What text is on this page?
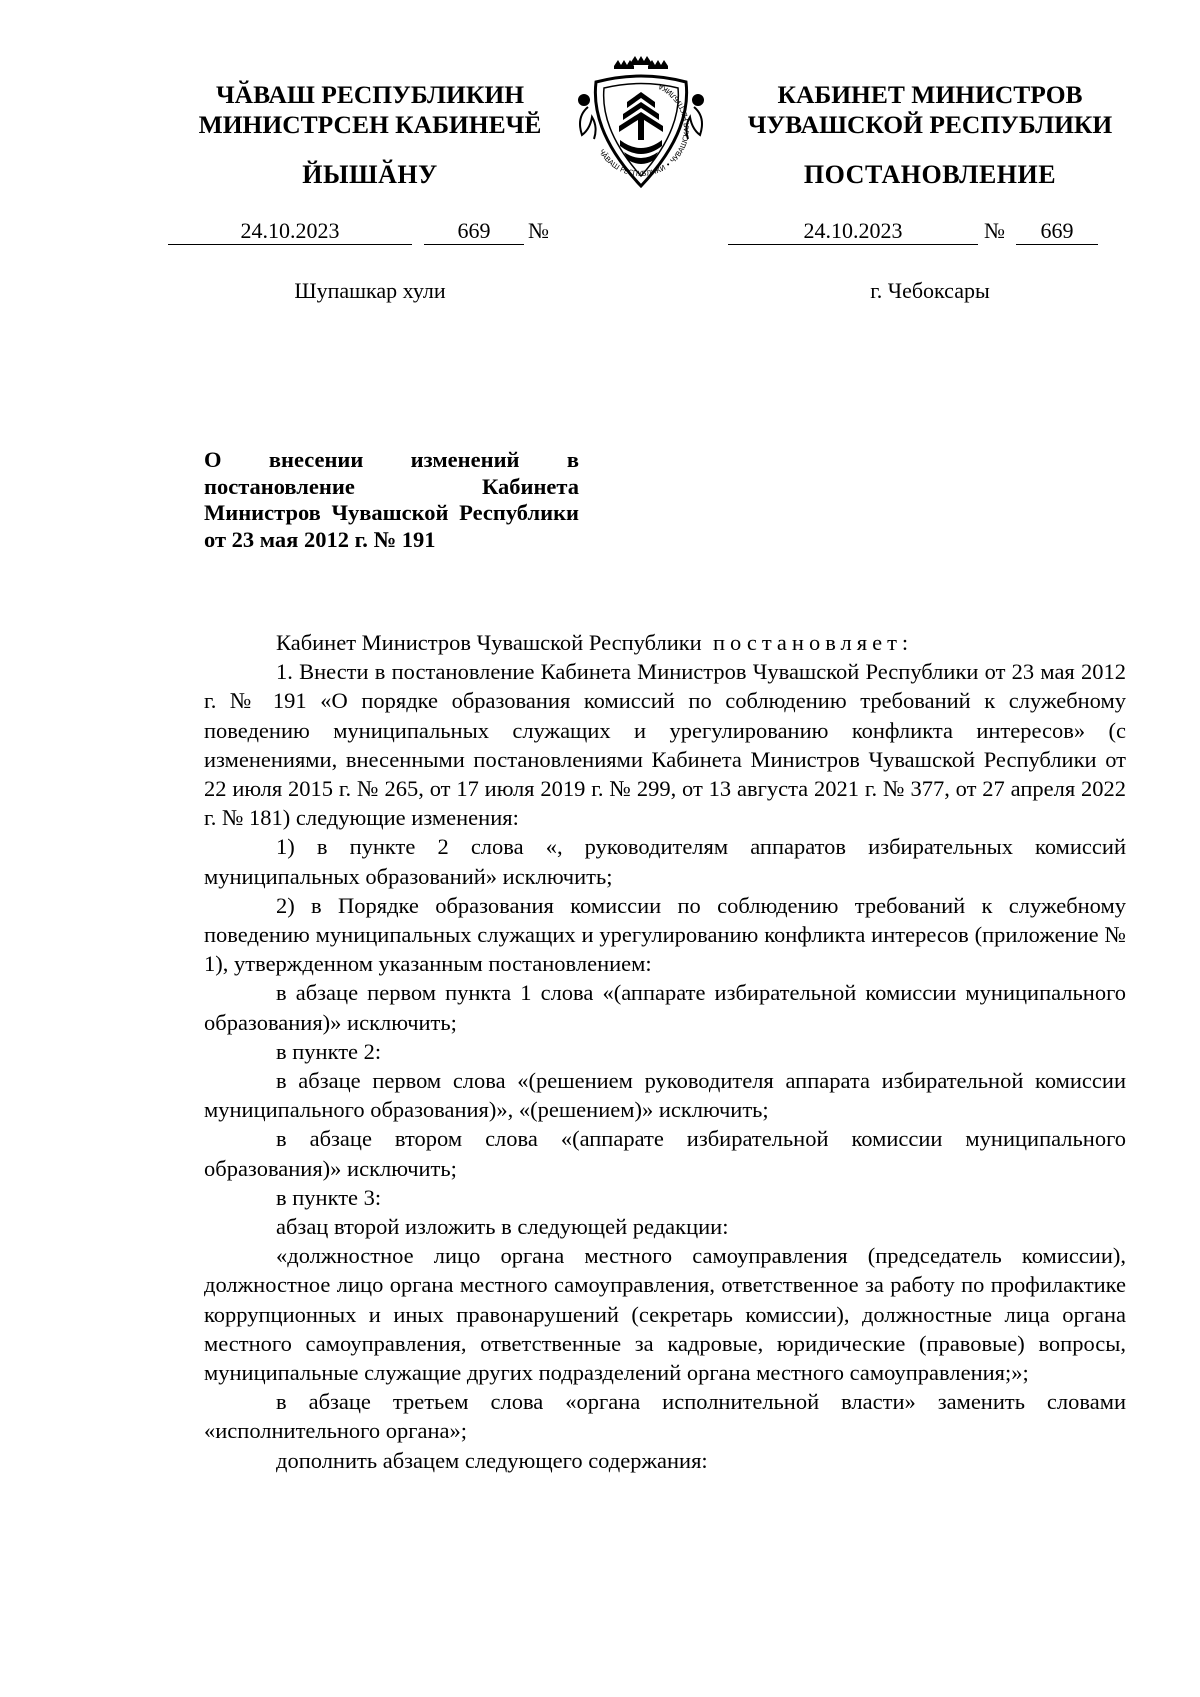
ЧӐВАШ РЕСПУБЛИКИН
МИНИСТРСЕН КАБИНЕЧӖ
ЙЫШӐНУ
КАБИНЕТ МИНИСТРОВ
ЧУВАШСКОЙ РЕСПУБЛИКИ
ПОСТАНОВЛЕНИЕ
24.10.2023	669	№	24.10.2023	№	669
Шупашкар хули	г. Чебоксары
ЧӐВАШ РЕСПУБЛИКИ • ЧУВАШСКАЯ РЕСПУБЛИКА
О внесении изменений в постановление Кабинета Министров Чувашской Республики от 23 мая 2012 г. № 191

Кабинет Министров Чувашской Республики постановляет:

1. Внести в постановление Кабинета Министров Чувашской Республики от 23 мая 2012 г. № 191 «О порядке образования комиссий по соблюдению требований к служебному поведению муниципальных служащих и урегулированию конфликта интересов» (с изменениями, внесенными постановлениями Кабинета Министров Чувашской Республики от 22 июля 2015 г. № 265, от 17 июля 2019 г. № 299, от 13 августа 2021 г. № 377, от 27 апреля 2022 г. № 181) следующие изменения:

1) в пункте 2 слова «, руководителям аппаратов избирательных комиссий муниципальных образований» исключить;

2) в Порядке образования комиссии по соблюдению требований к служебному поведению муниципальных служащих и урегулированию конфликта интересов (приложение № 1), утвержденном указанным постановлением:

в абзаце первом пункта 1 слова «(аппарате избирательной комиссии муниципального образования)» исключить;

в пункте 2:

в абзаце первом слова «(решением руководителя аппарата избирательной комиссии муниципального образования)», «(решением)» исключить;

в абзаце втором слова «(аппарате избирательной комиссии муниципального образования)» исключить;

в пункте 3:

абзац второй изложить в следующей редакции:

«должностное лицо органа местного самоуправления (председатель комиссии), должностное лицо органа местного самоуправления, ответственное за работу по профилактике коррупционных и иных правонарушений (секретарь комиссии), должностные лица органа местного самоуправления, ответственные за кадровые, юридические (правовые) вопросы, муниципальные служащие других подразделений органа местного самоуправления;»;

в абзаце третьем слова «органа исполнительной власти» заменить словами «исполнительного органа»;

дополнить абзацем следующего содержания:
